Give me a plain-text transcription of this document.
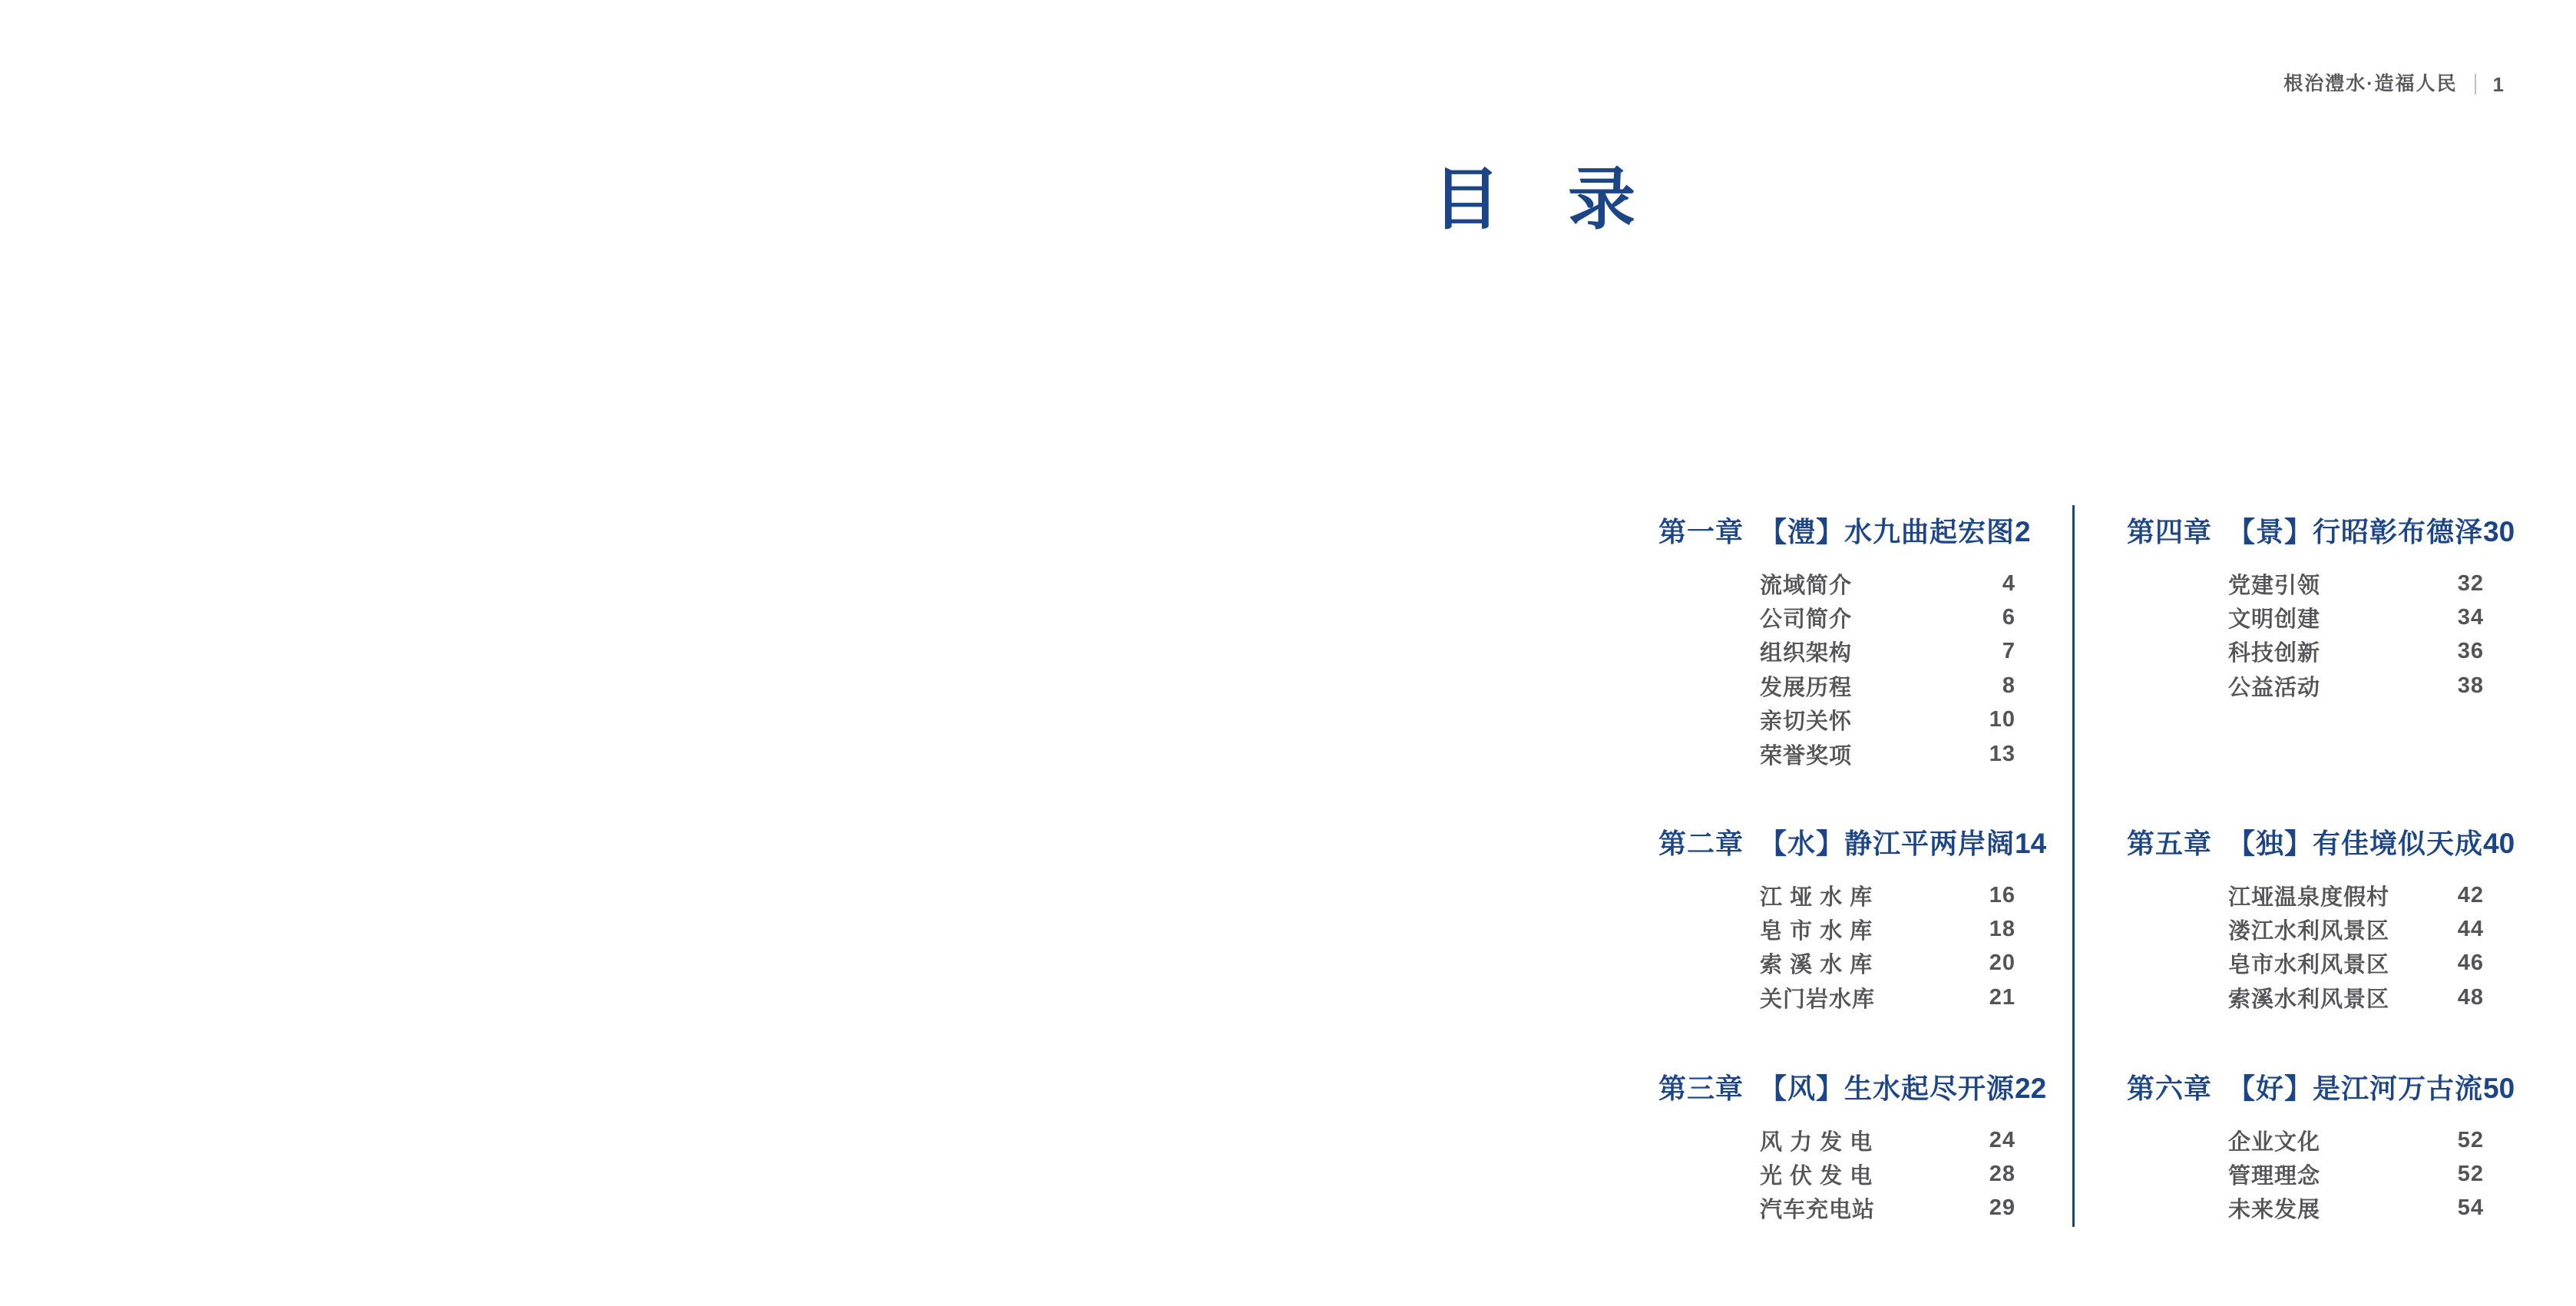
根治澧水·造福人民 1
目　录
第一章 【澧】水九曲起宏图 2
流域简介	4
公司简介	6
组织架构	7
发展历程	8
亲切关怀	10
荣誉奖项	13
第二章 【水】静江平两岸阔 14
江 垭 水 库	16
皂 市 水 库	18
索 溪 水 库	20
关门岩水库	21
第三章 【风】生水起尽开源 22
风 力 发 电	24
光 伏 发 电	28
汽车充电站	29
第四章 【景】行昭彰布德泽 30
党建引领	32
文明创建	34
科技创新	36
公益活动	38
第五章 【独】有佳境似天成 40
江垭温泉度假村	42
溇江水利风景区	44
皂市水利风景区	46
索溪水利风景区	48
第六章 【好】是江河万古流 50
企业文化	52
管理理念	52
未来发展	54
